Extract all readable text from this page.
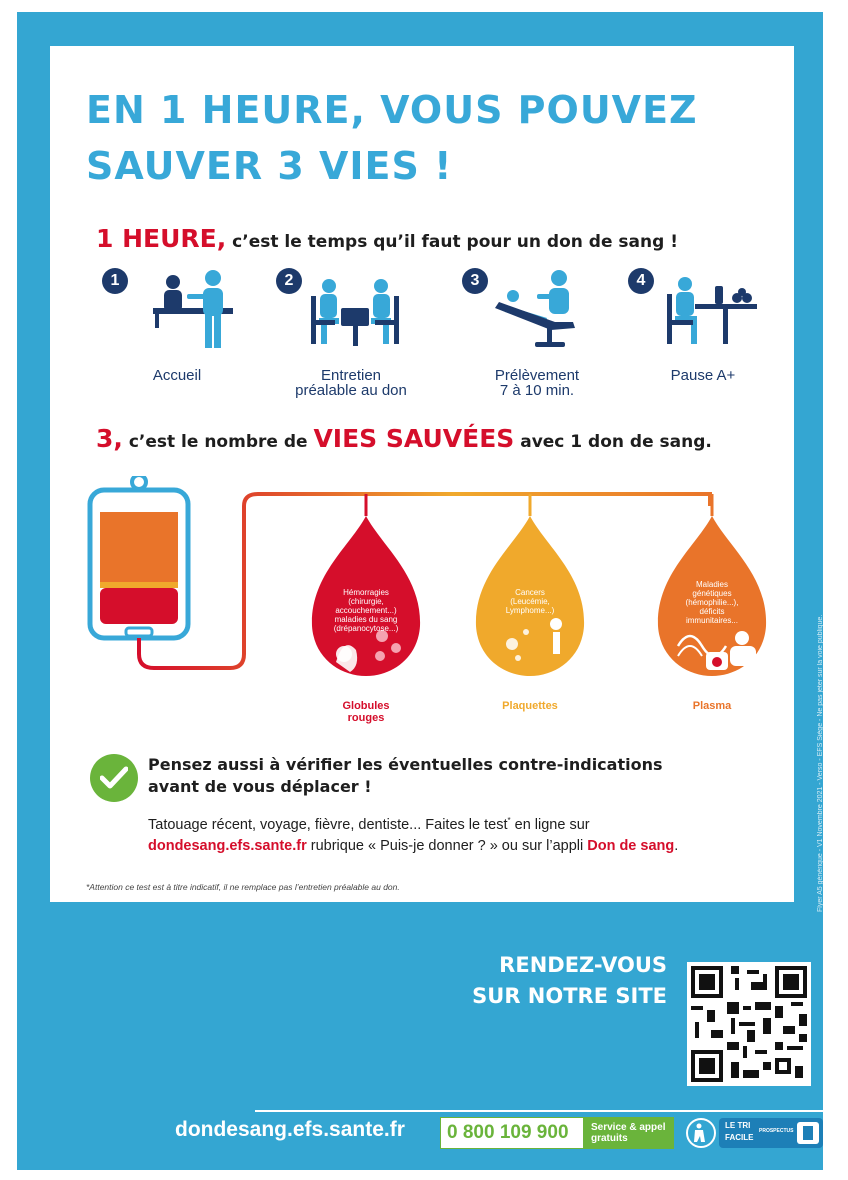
EN 1 HEURE, VOUS POUVEZ
SAUVER 3 VIES !
1 HEURE, c’est le temps qu’il faut pour un don de sang !
1
Accueil
2
Entretien
préalable au don
3
Prélèvement
7 à 10 min.
4
Pause A+
3, c’est le nombre de VIES SAUVÉES avec 1 don de sang.
Hémorragies
(chirurgie,
accouchement...)
maladies du sang
(drépanocytose...)
Cancers
(Leucémie,
Lymphome...)
Maladies
génétiques
(hémophilie...),
déficits
immunitaires...
Globules
rouges
Plaquettes	Plasma
Pensez aussi à vérifier les éventuelles contre-indications
avant de vous déplacer !
Tatouage récent, voyage, fièvre, dentiste... Faites le test* en ligne sur
dondesang.efs.sante.fr rubrique « Puis-je donner ? » ou sur l’appli Don de sang.
*Attention ce test est à titre indicatif, il ne remplace pas l’entretien préalable au don.	Flyer A5 générique - V1 Novembre 2021 - Verso - EFS Siège - Ne pas jeter sur la voie publique.
RENDEZ-VOUS
SUR NOTRE SITE
dondesang.efs.sante.fr 0 800 109 900	Service & appel
gratuits
LE TRI
FACILE
PROSPECTUS
